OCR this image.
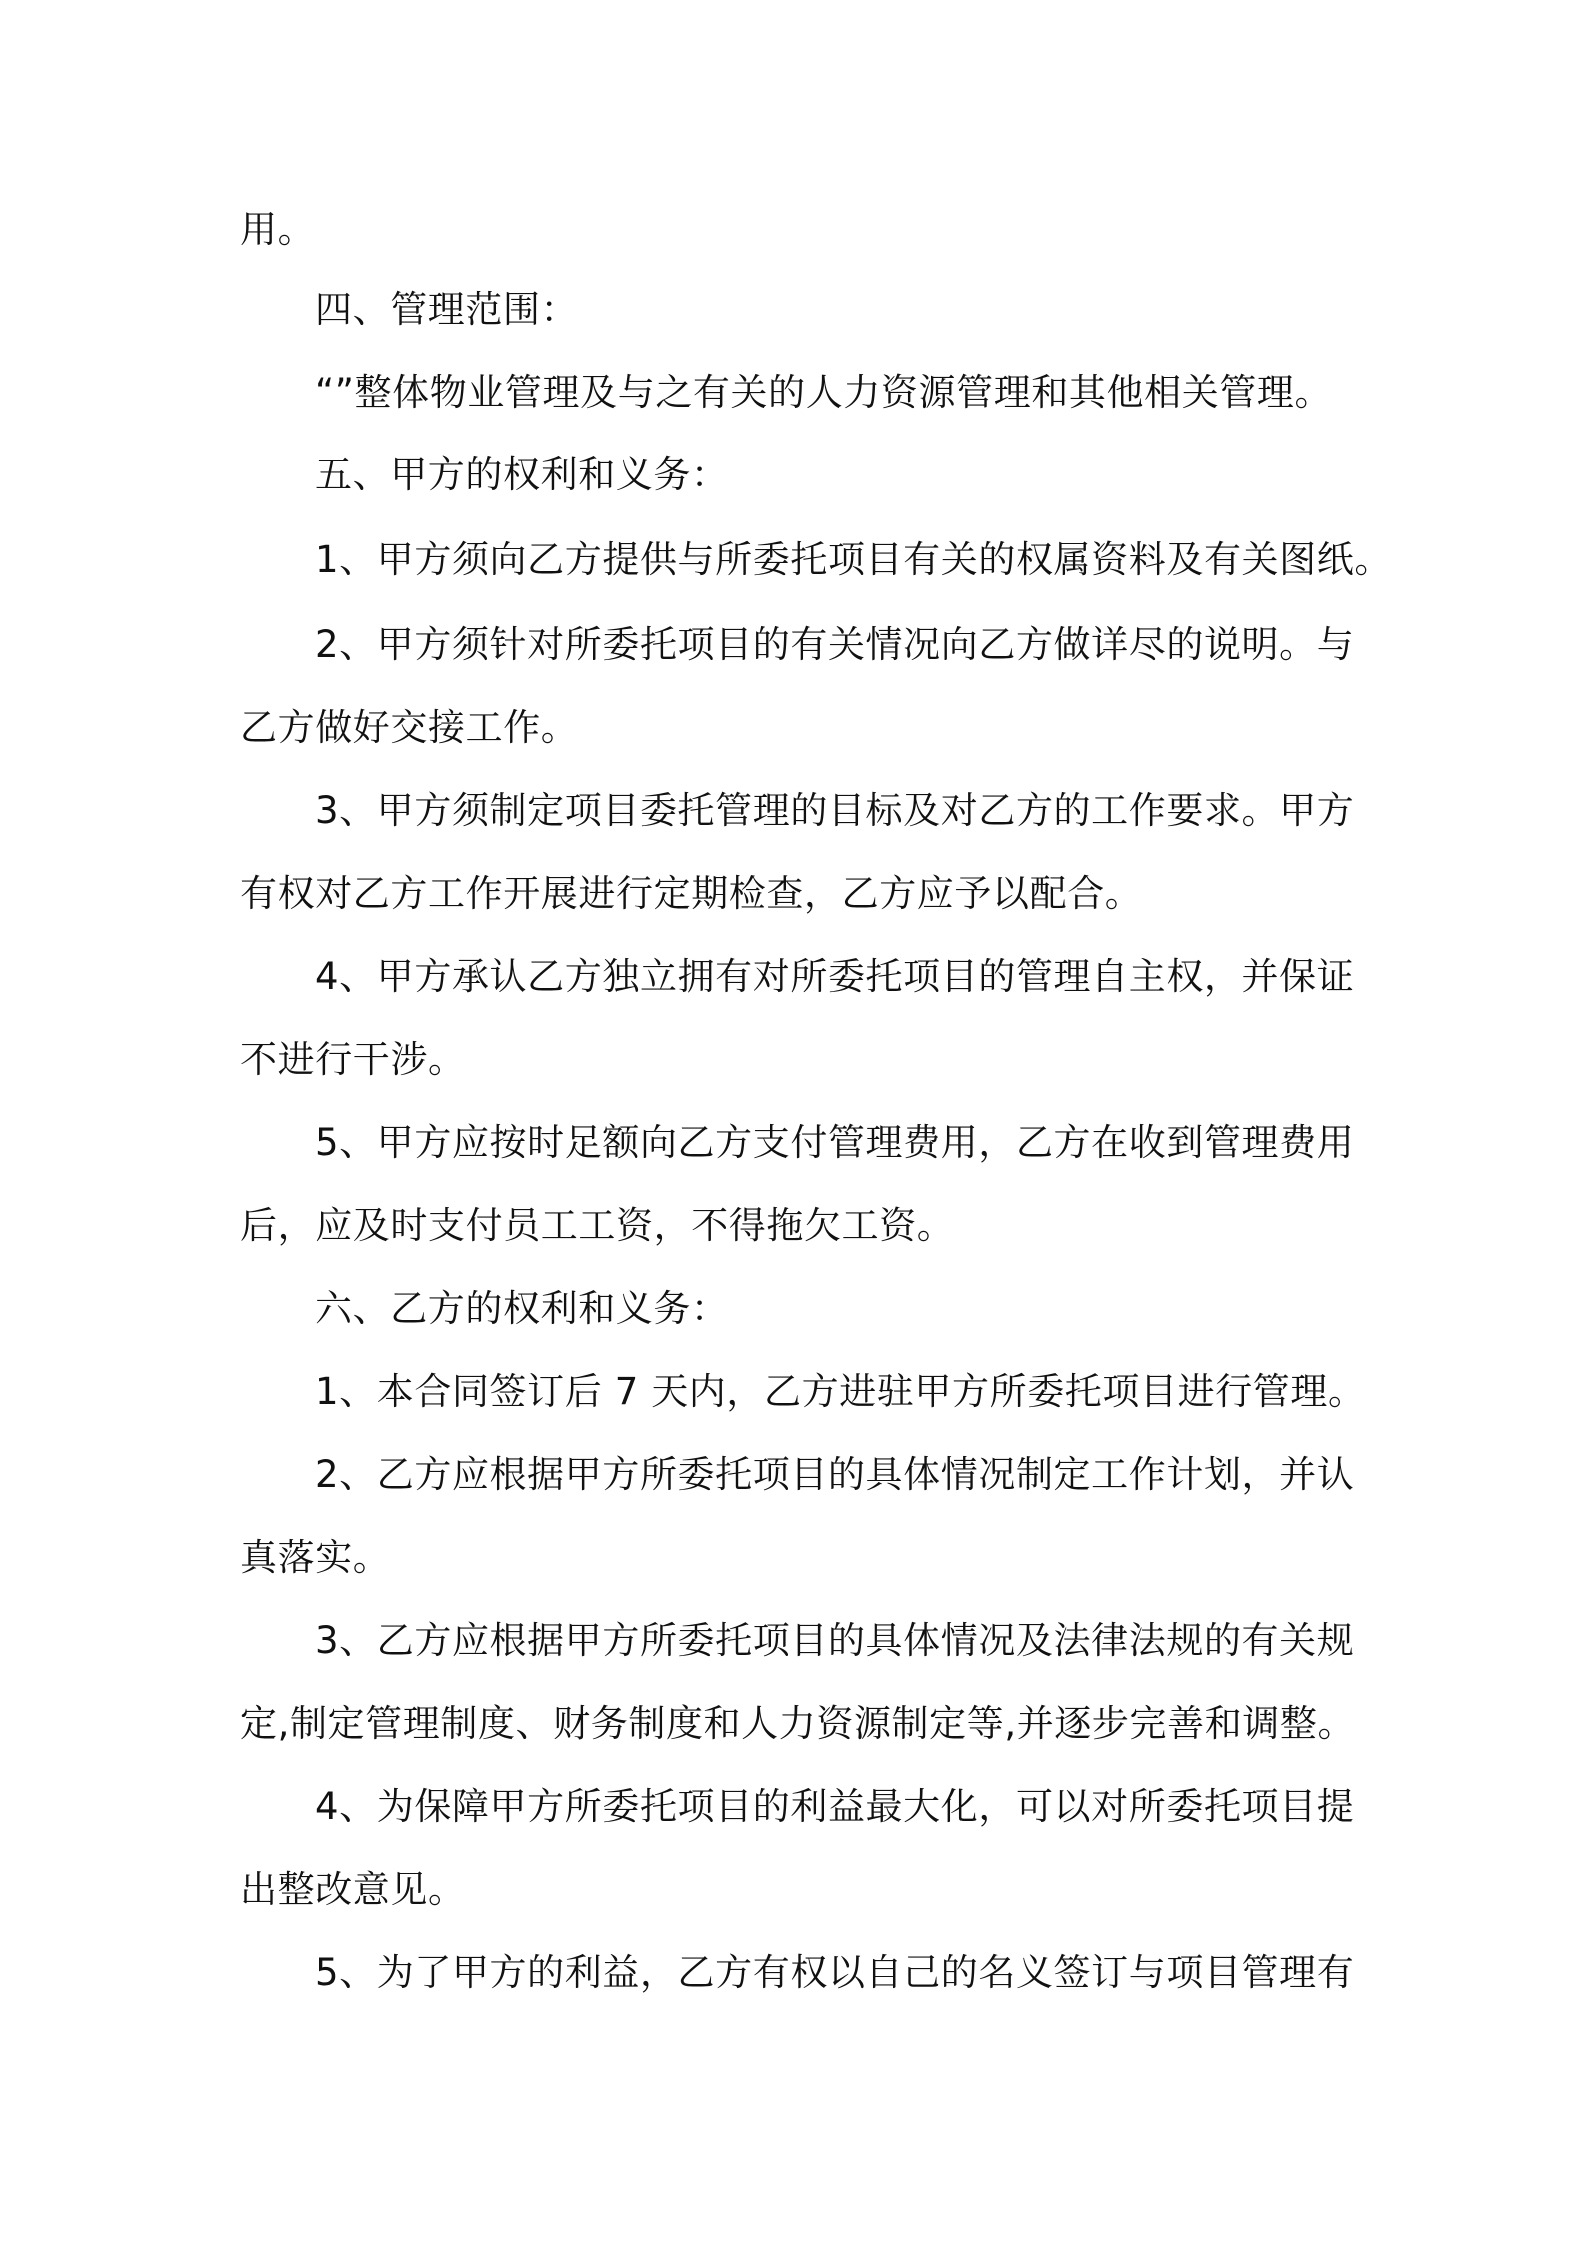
用。
四、管理范围：
“”整体物业管理及与之有关的人力资源管理和其他相关管理。
五、甲方的权利和义务：
1、甲方须向乙方提供与所委托项目有关的权属资料及有关图纸。
2、甲方须针对所委托项目的有关情况向乙方做详尽的说明。与
乙方做好交接工作。
3、甲方须制定项目委托管理的目标及对乙方的工作要求。甲方
有权对乙方工作开展进行定期检查，乙方应予以配合。
4、甲方承认乙方独立拥有对所委托项目的管理自主权，并保证
不进行干涉。
5、甲方应按时足额向乙方支付管理费用，乙方在收到管理费用
后，应及时支付员工工资，不得拖欠工资。
六、乙方的权利和义务：
1、本合同签订后 7 天内，乙方进驻甲方所委托项目进行管理。
2、乙方应根据甲方所委托项目的具体情况制定工作计划，并认
真落实。
3、乙方应根据甲方所委托项目的具体情况及法律法规的有关规
定,制定管理制度、财务制度和人力资源制定等,并逐步完善和调整。
4、为保障甲方所委托项目的利益最大化，可以对所委托项目提
出整改意见。
5、为了甲方的利益，乙方有权以自己的名义签订与项目管理有
